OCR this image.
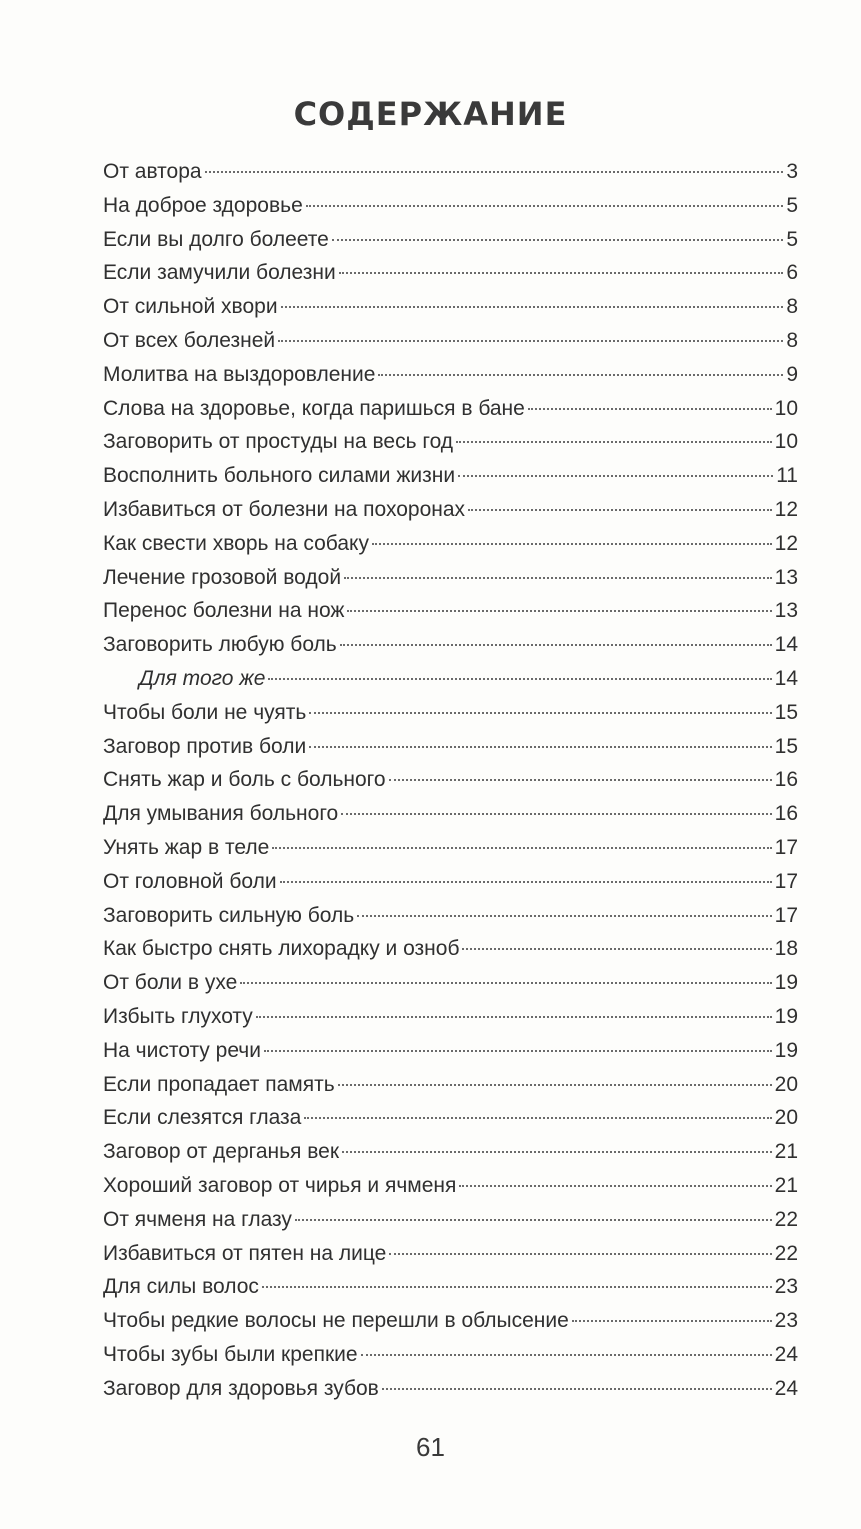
СОДЕРЖАНИЕ
От автора	3
На доброе здоровье	5
Если вы долго болеете	5
Если замучили болезни	6
От сильной хвори	8
От всех болезней	8
Молитва на выздоровление	9
Слова на здоровье, когда паришься в бане	10
Заговорить от простуды на весь год	10
Восполнить больного силами жизни	11
Избавиться от болезни на похоронах	12
Как свести хворь на собаку	12
Лечение грозовой водой	13
Перенос болезни на нож	13
Заговорить любую боль	14
Для того же	14
Чтобы боли не чуять	15
Заговор против боли	15
Снять жар и боль с больного	16
Для умывания больного	16
Унять жар в теле	17
От головной боли	17
Заговорить сильную боль	17
Как быстро снять лихорадку и озноб	18
От боли в ухе	19
Избыть глухоту	19
На чистоту речи	19
Если пропадает память	20
Если слезятся глаза	20
Заговор от дерганья век	21
Хороший заговор от чирья и ячменя	21
От ячменя на глазу	22
Избавиться от пятен на лице	22
Для силы волос	23
Чтобы редкие волосы не перешли в облысение	23
Чтобы зубы были крепкие	24
Заговор для здоровья зубов	24
61
